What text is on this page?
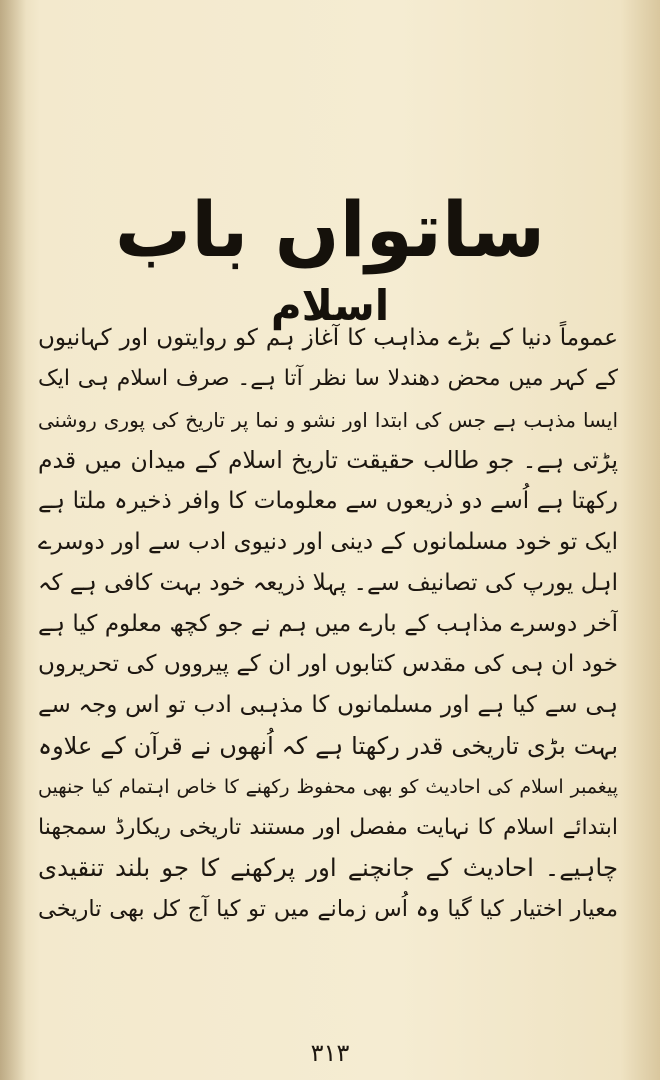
ساتواں باب
اسلام
عموماً دنیا کے بڑے مذاہب کا آغاز ہم کو روایتوں اور کہانیوں
کے کہر میں محض دھندلا سا نظر آتا ہے۔ صرف اسلام ہی ایک
ایسا مذہب ہے جس کی ابتدا اور نشو و نما پر تاریخ کی پوری روشنی
پڑتی ہے۔ جو طالب حقیقت تاریخ اسلام کے میدان میں قدم
رکھتا ہے اُسے دو ذریعوں سے معلومات کا وافر ذخیرہ ملتا ہے
ایک تو خود مسلمانوں کے دینی اور دنیوی ادب سے اور دوسرے
اہل یورپ کی تصانیف سے۔ پہلا ذریعہ خود بہت کافی ہے کہ
آخر دوسرے مذاہب کے بارے میں ہم نے جو کچھ معلوم کیا ہے
خود ان ہی کی مقدس کتابوں اور ان کے پیرووں کی تحریروں
ہی سے کیا ہے اور مسلمانوں کا مذہبی ادب تو اس وجہ سے
بہت بڑی تاریخی قدر رکھتا ہے کہ اُنھوں نے قرآن کے علاوہ
پیغمبر اسلام کی احادیث کو بھی محفوظ رکھنے کا خاص اہتمام کیا جنھیں
ابتدائے اسلام کا نہایت مفصل اور مستند تاریخی ریکارڈ سمجھنا
چاہیے۔ احادیث کے جانچنے اور پرکھنے کا جو بلند تنقیدی
معیار اختیار کیا گیا وہ اُس زمانے میں تو کیا آج کل بھی تاریخی
۳۱۳
